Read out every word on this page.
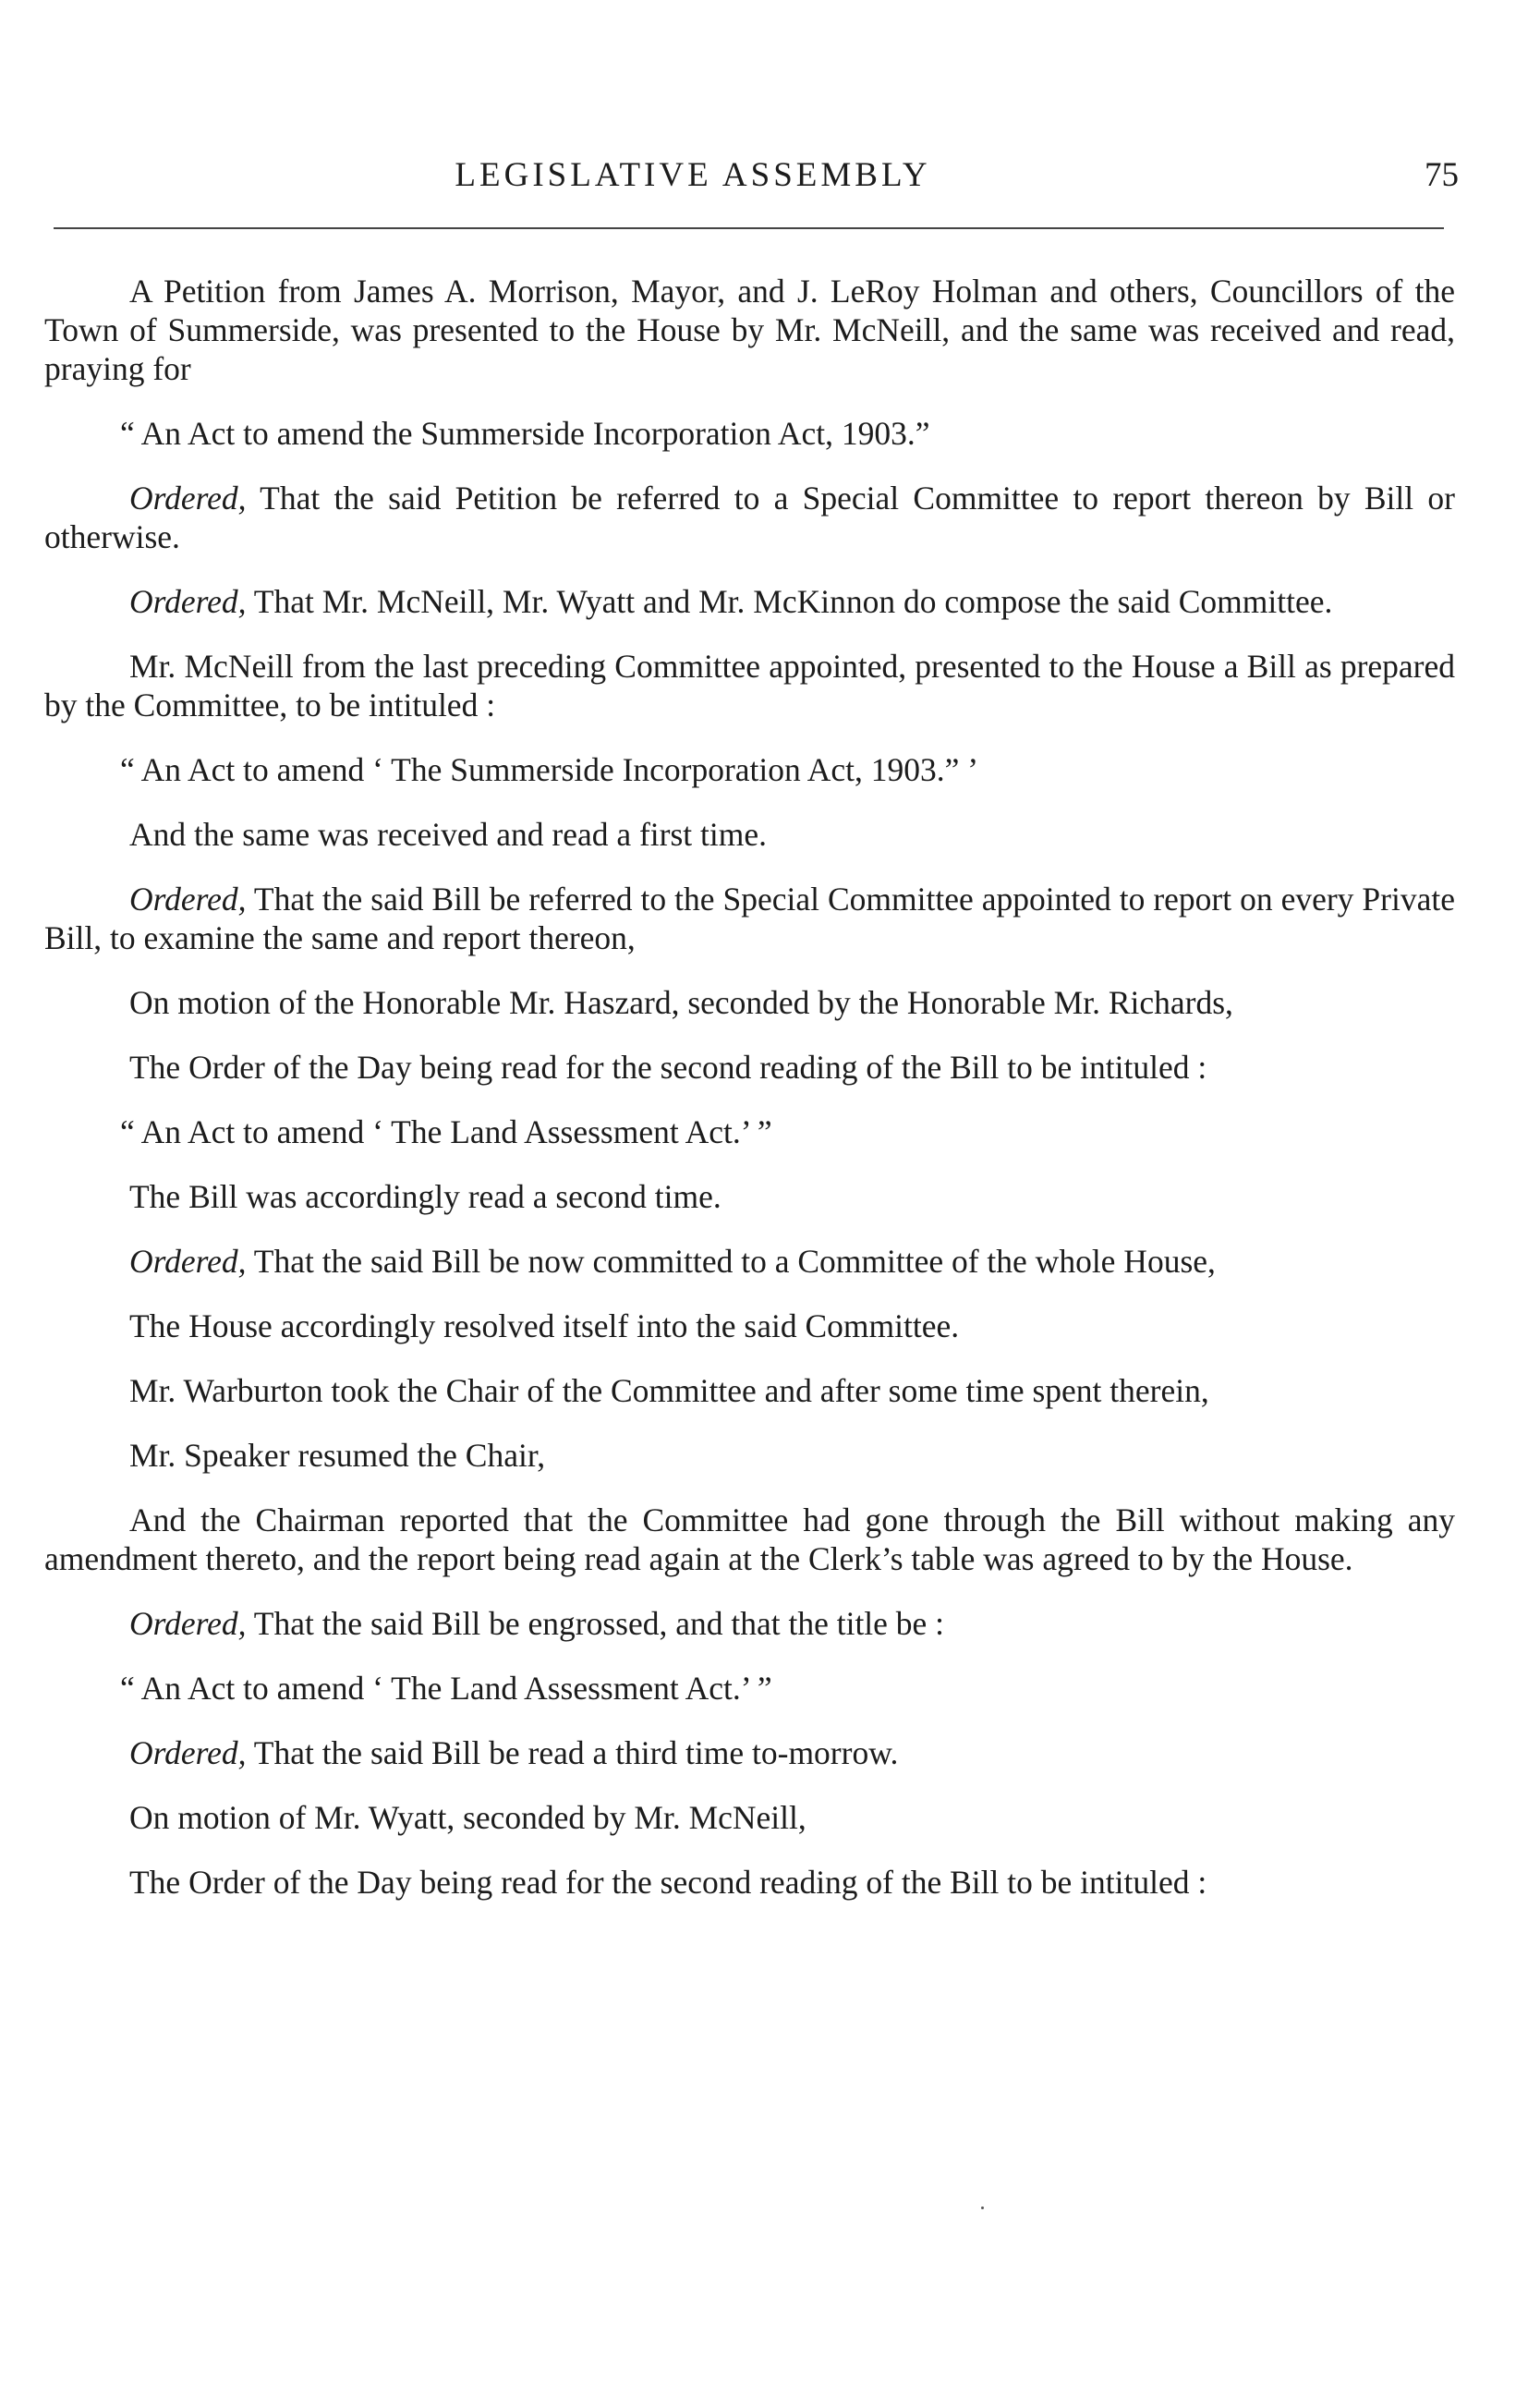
LEGISLATIVE ASSEMBLY	75

A Petition from James A. Morrison, Mayor, and J. LeRoy Holman and others, Councillors of the Town of Summerside, was presented to the House by Mr. McNeill, and the same was received and read, praying for

“ An Act to amend the Summerside Incorporation Act, 1903.”

Ordered, That the said Petition be referred to a Special Committee to report thereon by Bill or otherwise.

Ordered, That Mr. McNeill, Mr. Wyatt and Mr. McKinnon do compose the said Committee.

Mr. McNeill from the last preceding Committee appointed, presented to the House a Bill as prepared by the Committee, to be intituled :

“ An Act to amend ‘ The Summerside Incorporation Act, 1903.” ’

And the same was received and read a first time.

Ordered, That the said Bill be referred to the Special Committee appointed to report on every Private Bill, to examine the same and report thereon,

On motion of the Honorable Mr. Haszard, seconded by the Honorable Mr. Richards,

The Order of the Day being read for the second reading of the Bill to be intituled :

“ An Act to amend ‘ The Land Assessment Act.’ ”

The Bill was accordingly read a second time.

Ordered, That the said Bill be now committed to a Committee of the whole House,

The House accordingly resolved itself into the said Committee.

Mr. Warburton took the Chair of the Committee and after some time spent therein,

Mr. Speaker resumed the Chair,

And the Chairman reported that the Committee had gone through the Bill without making any amendment thereto, and the report being read again at the Clerk’s table was agreed to by the House.

Ordered, That the said Bill be engrossed, and that the title be :

“ An Act to amend ‘ The Land Assessment Act.’ ”

Ordered, That the said Bill be read a third time to-morrow.

On motion of Mr. Wyatt, seconded by Mr. McNeill,

The Order of the Day being read for the second reading of the Bill to be intituled :
